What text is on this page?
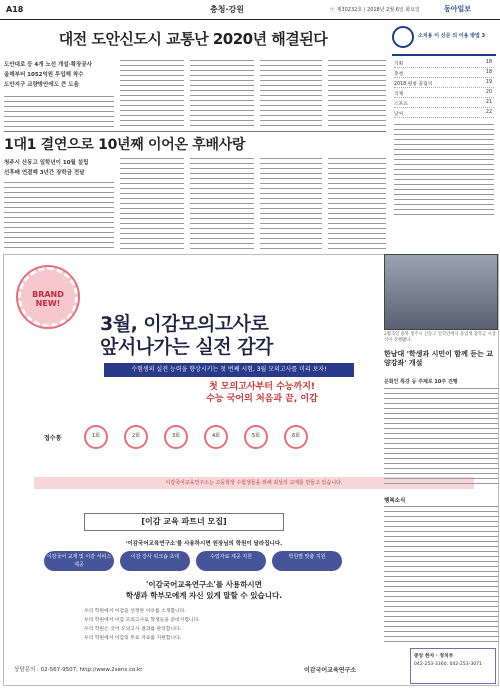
A18	충청·강원	ⓔ 제30232호 | 2018년 2월 6일 화요일	동아일보
대전 도안신도시 교통난 2020년 해결된다
도안대로 등 4개 노선 개설·확장공사
올해부터 1052억원 투입해 착수
도안지구 교량방안에도 큰 도움
소치용 이 신문 의 이용 방법 3
기획	18
충청	18
2018 평창 올림픽	19
국제	20
스포츠	21
날씨	22
1대1 결연으로 10년째 이어온 후배사랑
청주시 산동고 일학년이 10월 설립
선후배 연결해 3년간 장학금 전달
BRAND NEW!
3월, 이감모의고사로
앞서나가는 실전 감각
수험생의 실전 능력을 향상시키는 첫 번째 시험, 3월 모의고사를 미리 보자!
첫 모의고사부터 수능까지!
수능 국어의 처음과 끝, 이감
접수통	1회	2회	3회	4회	5회	6회
이감국어교육연구소는 고등학생 수험생들을 위해 최상의 교재를 만들고 있습니다.
[이감 교육 파트너 모집]
'이감국어교육연구소'를 사용하시면 원장님의 학원이 달라집니다.
이감국어 교재 및 이감 서비스 제공
이감 강사 워크숍 초대	수업자료 제공 지원	학원별 맞춤 지원
'이감국어교육연구소'를 사용하시면
학생과 학부모에게 자신 있게 말할 수 있습니다.
우리 학원에서 이감을 선정한 이유를 소개합니다.
우리 학원에서 이감 모의고사로 학생들을 준비시킵니다.
우리 학원은 국어 모의고사 결과를 관리합니다.
우리 학원에서 이감의 무료 자료를 지원합니다.
상담문의 : 02-567-9507, http://www.2sens.co.kr	이감국어교육연구소
2월 5일 충북 청주시 산동고 일학년에서 졸업생 장학금 시상식이 진행됐다.
한남대 '학생과 시민이 함께 듣는 교양강좌' 개설
문화인 특강 등 주제로 10주 진행
행복소식
중앙 한자 · 정치부
042-253-3360, 042-253-3071
